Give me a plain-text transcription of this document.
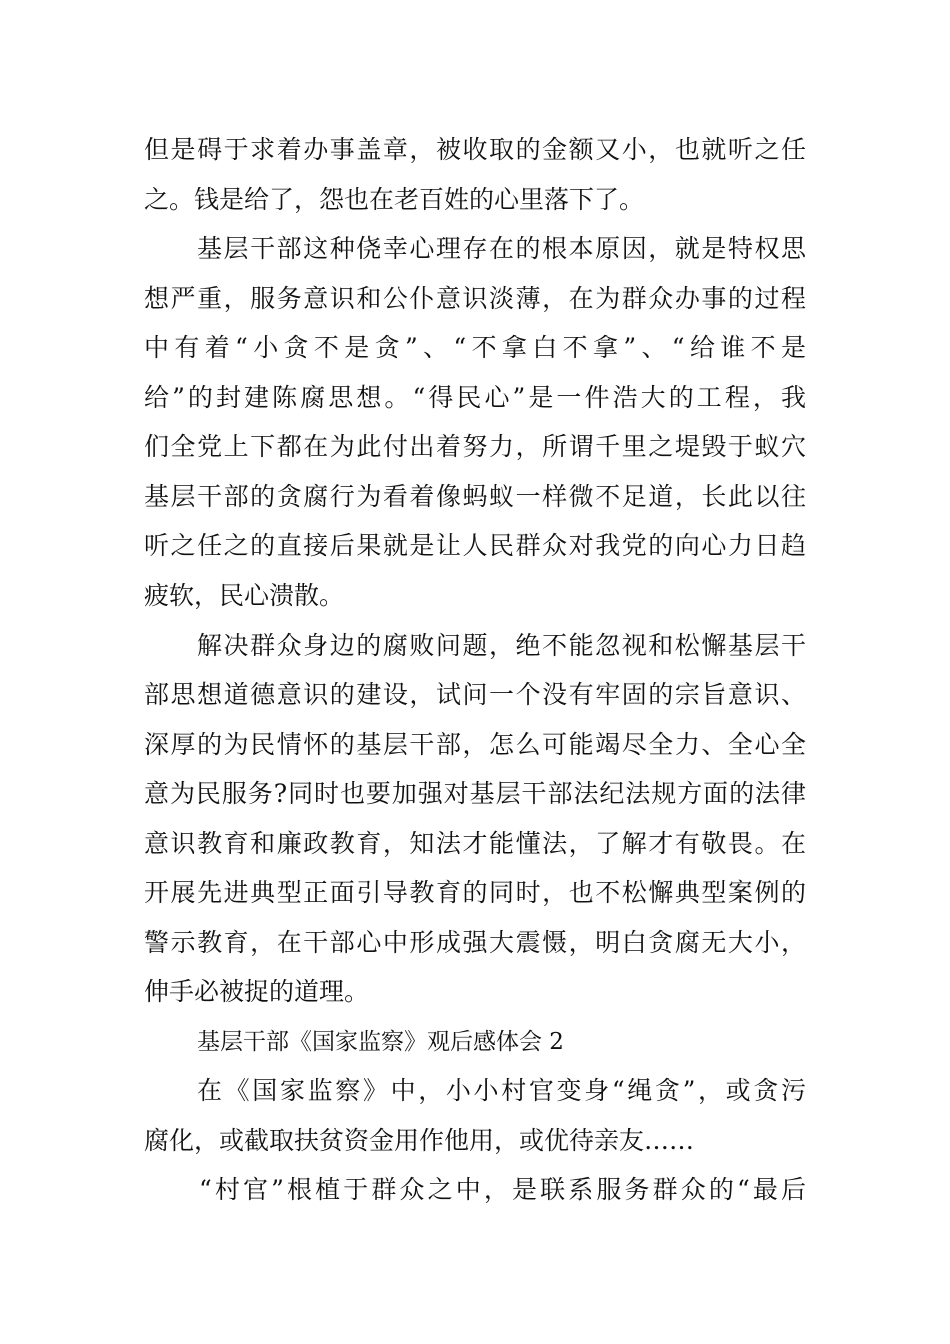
但是碍于求着办事盖章，被收取的金额又小，也就听之任
之。钱是给了，怨也在老百姓的心里落下了。
基层干部这种侥幸心理存在的根本原因，就是特权思
想严重，服务意识和公仆意识淡薄，在为群众办事的过程
中有着“小贪不是贪”、“不拿白不拿”、“给谁不是
给”的封建陈腐思想。“得民心”是一件浩大的工程，我
们全党上下都在为此付出着努力，所谓千里之堤毁于蚁穴
基层干部的贪腐行为看着像蚂蚁一样微不足道，长此以往
听之任之的直接后果就是让人民群众对我党的向心力日趋
疲软，民心溃散。
解决群众身边的腐败问题，绝不能忽视和松懈基层干
部思想道德意识的建设，试问一个没有牢固的宗旨意识、
深厚的为民情怀的基层干部，怎么可能竭尽全力、全心全
意为民服务?同时也要加强对基层干部法纪法规方面的法律
意识教育和廉政教育，知法才能懂法，了解才有敬畏。在
开展先进典型正面引导教育的同时，也不松懈典型案例的
警示教育，在干部心中形成强大震慑，明白贪腐无大小，
伸手必被捉的道理。
基层干部《国家监察》观后感体会 2
在《国家监察》中，小小村官变身“绳贪”，或贪污
腐化，或截取扶贫资金用作他用，或优待亲友……
“村官”根植于群众之中，是联系服务群众的“最后
